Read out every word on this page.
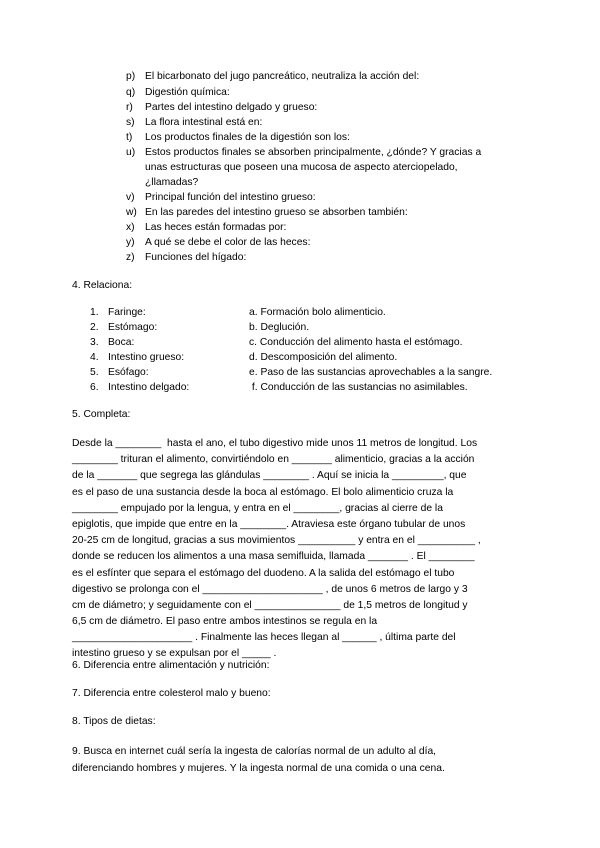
p) El bicarbonato del jugo pancreático, neutraliza la acción del:
q) Digestión química:
r) Partes del intestino delgado y grueso:
s) La flora intestinal está en:
t) Los productos finales de la digestión son los:
u) Estos productos finales se absorben principalmente, ¿dónde? Y gracias a
unas estructuras que poseen una mucosa de aspecto aterciopelado,
¿llamadas?
v) Principal función del intestino grueso:
w) En las paredes del intestino grueso se absorben también:
x) Las heces están formadas por:
y) A qué se debe el color de las heces:
z) Funciones del hígado:
4. Relaciona:
1. Faringe:	a. Formación bolo alimenticio.
2. Estómago:	b. Deglución.
3. Boca:	c. Conducción del alimento hasta el estómago.
4. Intestino grueso:	d. Descomposición del alimento.
5. Esófago:	e. Paso de las sustancias aprovechables a la sangre.
6. Intestino delgado:	f. Conducción de las sustancias no asimilables.
5. Completa:
Desde la ________  hasta el ano, el tubo digestivo mide unos 11 metros de longitud. Los
________ trituran el alimento, convirtiéndolo en _______ alimenticio, gracias a la acción
de la _______ que segrega las glándulas ________ . Aquí se inicia la _________, que
es el paso de una sustancia desde la boca al estómago. El bolo alimenticio cruza la
________ empujado por la lengua, y entra en el ________, gracias al cierre de la
epiglotis, que impide que entre en la ________. Atraviesa este órgano tubular de unos
20-25 cm de longitud, gracias a sus movimientos __________ y entra en el __________ ,
donde se reducen los alimentos a una masa semifluida, llamada _______ . El ________
es el esfínter que separa el estómago del duodeno. A la salida del estómago el tubo
digestivo se prolonga con el _____________________ , de unos 6 metros de largo y 3
cm de diámetro; y seguidamente con el _______________ de 1,5 metros de longitud y
6,5 cm de diámetro. El paso entre ambos intestinos se regula en la
_____________________ . Finalmente las heces llegan al ______ , última parte del
intestino grueso y se expulsan por el _____ .
6. Diferencia entre alimentación y nutrición:
7. Diferencia entre colesterol malo y bueno:
8. Tipos de dietas:
9. Busca en internet cuál sería la ingesta de calorías normal de un adulto al día,
diferenciando hombres y mujeres. Y la ingesta normal de una comida o una cena.
